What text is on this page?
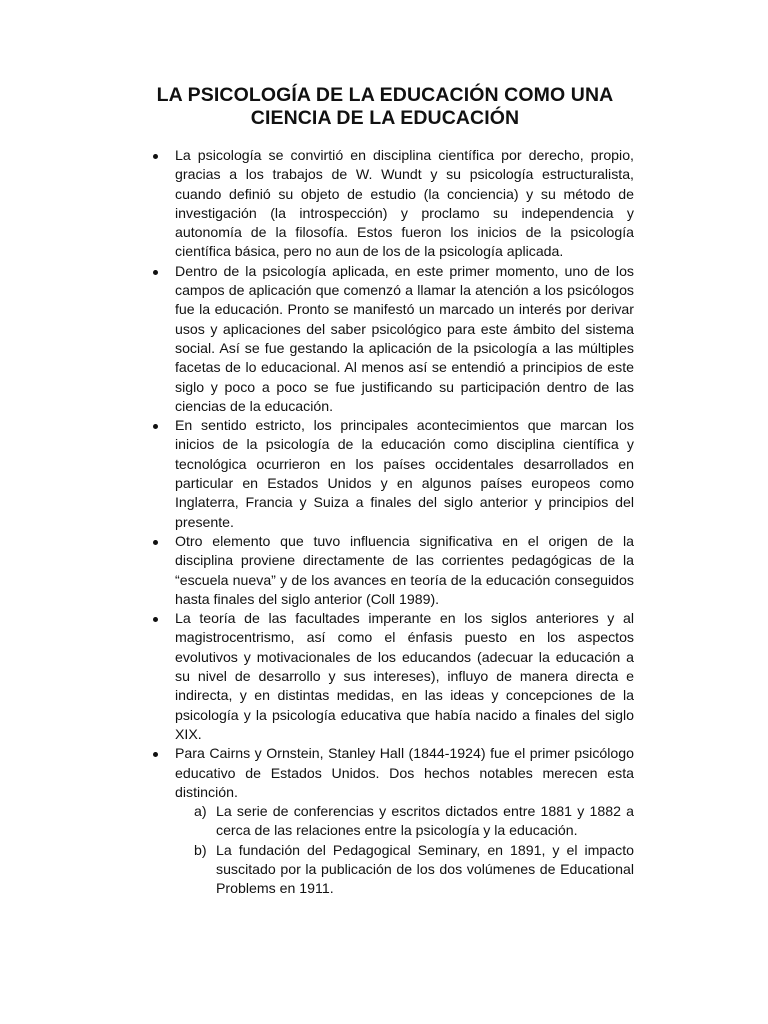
LA PSICOLOGÍA DE LA EDUCACIÓN COMO UNA
CIENCIA DE LA EDUCACIÓN
La psicología se convirtió en disciplina científica por derecho, propio, gracias a los trabajos de W. Wundt y su psicología estructuralista, cuando definió su objeto de estudio (la conciencia) y su método de investigación (la introspección) y proclamo su independencia y autonomía de la filosofía. Estos fueron los inicios de la psicología científica básica, pero no aun de los de la psicología aplicada.
Dentro de la psicología aplicada, en este primer momento, uno de los campos de aplicación que comenzó a llamar la atención a los psicólogos fue la educación. Pronto se manifestó un marcado un interés por derivar usos y aplicaciones del saber psicológico para este ámbito del sistema social. Así se fue gestando la aplicación de la psicología a las múltiples facetas de lo educacional. Al menos así se entendió a principios de este siglo y poco a poco se fue justificando su participación dentro de las ciencias de la educación.
En sentido estricto, los principales acontecimientos que marcan los inicios de la psicología de la educación como disciplina científica y tecnológica ocurrieron en los países occidentales desarrollados en particular en Estados Unidos y en algunos países europeos como Inglaterra, Francia y Suiza a finales del siglo anterior y principios del presente.
Otro elemento que tuvo influencia significativa en el origen de la disciplina proviene directamente de las corrientes pedagógicas de la “escuela nueva” y de los avances en teoría de la educación conseguidos hasta finales del siglo anterior (Coll 1989).
La teoría de las facultades imperante en los siglos anteriores y al magistrocentrismo, así como el énfasis puesto en los aspectos evolutivos y motivacionales de los educandos (adecuar la educación a su nivel de desarrollo y sus intereses), influyo de manera directa e indirecta, y en distintas medidas, en las ideas y concepciones de la psicología y la psicología educativa que había nacido a finales del siglo XIX.
Para Cairns y Ornstein, Stanley Hall (1844-1924) fue el primer psicólogo educativo de Estados Unidos. Dos hechos notables merecen esta distinción.
a) La serie de conferencias y escritos dictados entre 1881 y 1882 a cerca de las relaciones entre la psicología y la educación.
b) La fundación del Pedagogical Seminary, en 1891, y el impacto suscitado por la publicación de los dos volúmenes de Educational Problems en 1911.
